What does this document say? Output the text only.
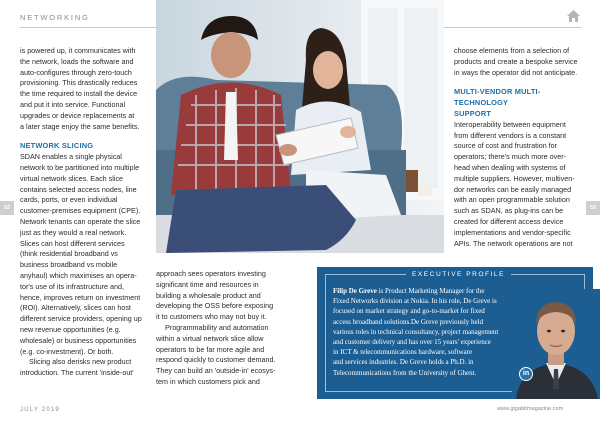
NETWORKING

is powered up, it communicates with

the network, loads the software and

auto-configures through zero-touch

provisioning. This drastically reduces

the time required to install the device

and put it into service. Functional

upgrades or device replacements at

a later stage enjoy the same benefits.

NETWORK SLICING

SDAN enables a single physical

network to be partitioned into multiple

virtual network slices. Each slice

contains selected access nodes, line

cards, ports, or even individual

customer-premises equipment (CPE).

Network tenants can operate the slice

just as they would a real network.

Slices can host different services

(think residential broadband vs

business broadband vs mobile

anyhaul) which maximises an opera-

tor's use of its infrastructure and,

hence, improves return on investment

(ROI). Alternatively, slices can host

different service providers, opening up

new revenue opportunities (e.g.

wholesale) or business opportunities

(e.g. co-investment). Or both.

Slicing also derisks new product

introduction. The current 'inside-out'

approach sees operators investing

significant time and resources in

building a wholesale product and

developing the OSS before exposing

it to customers who may not buy it.

Programmability and automation

within a virtual network slice allow

operators to be far more agile and

respond quickly to customer demand.

They can build an 'outside-in' ecosys-

tem in which customers pick and

choose elements from a selection of

products and create a bespoke service

in ways the operator did not anticipate.

MULTI-VENDOR MULTI-TECHNOLOGY
SUPPORT

Interoperability between equipment

from different vendors is a constant

source of cost and frustration for

operators; there's much more over-

head when dealing with systems of

multiple suppliers. However, multiven-

dor networks can be easily managed

with an open programmable solution

such as SDAN, as plug-ins can be

created for different access device

implementations and vendor-specific

APIs. The network operations are not

52	53
EXECUTIVE PROFILE
Filip De Greve is Product Marketing Manager for the
Fixed Networks division at Nokia. In his role, De Greve is
focused on market strategy and go-to-market for fixed
access broadband solutions.De Greve previously held
various roles in technical consultancy, project management
and customer delivery and has over 15 years' experience
in ICT & telecommunications hardware, software
and services industries. De Greve holds a Ph.D. in
Telecommunications from the University of Ghent.	in
JULY 2019	www.gigabitmagazine.com
